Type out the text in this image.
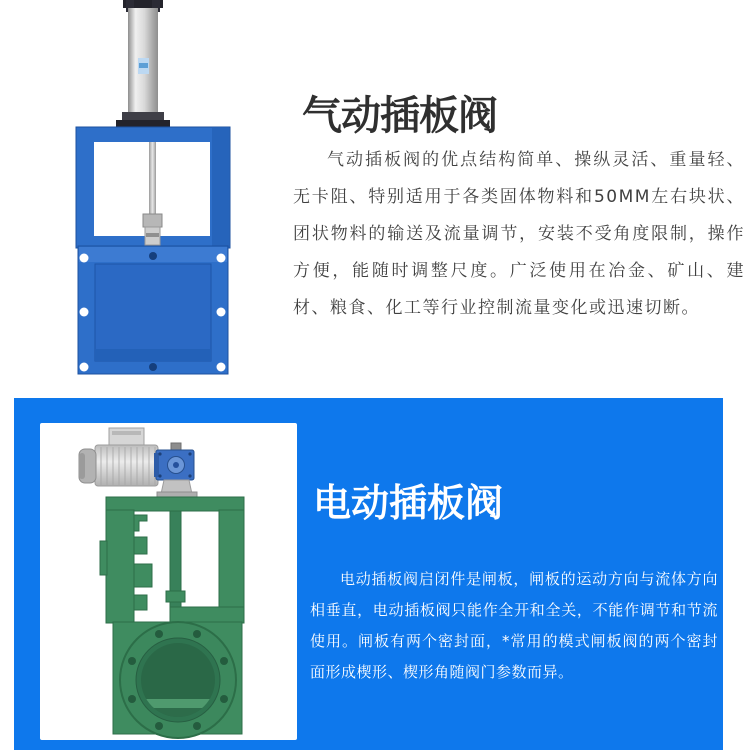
气动插板阀

气动插板阀的优点结构简单、操纵灵活、重量轻、无卡阻、特别适用于各类固体物料和50MM左右块状、团状物料的输送及流量调节，安装不受角度限制，操作方便，能随时调整尺度。广泛使用在冶金、矿山、建材、粮食、化工等行业控制流量变化或迅速切断。

电动插板阀

电动插板阀启闭件是闸板，闸板的运动方向与流体方向相垂直，电动插板阀只能作全开和全关，不能作调节和节流使用。闸板有两个密封面，*常用的模式闸板阀的两个密封面形成楔形、楔形角随阀门参数而异。
